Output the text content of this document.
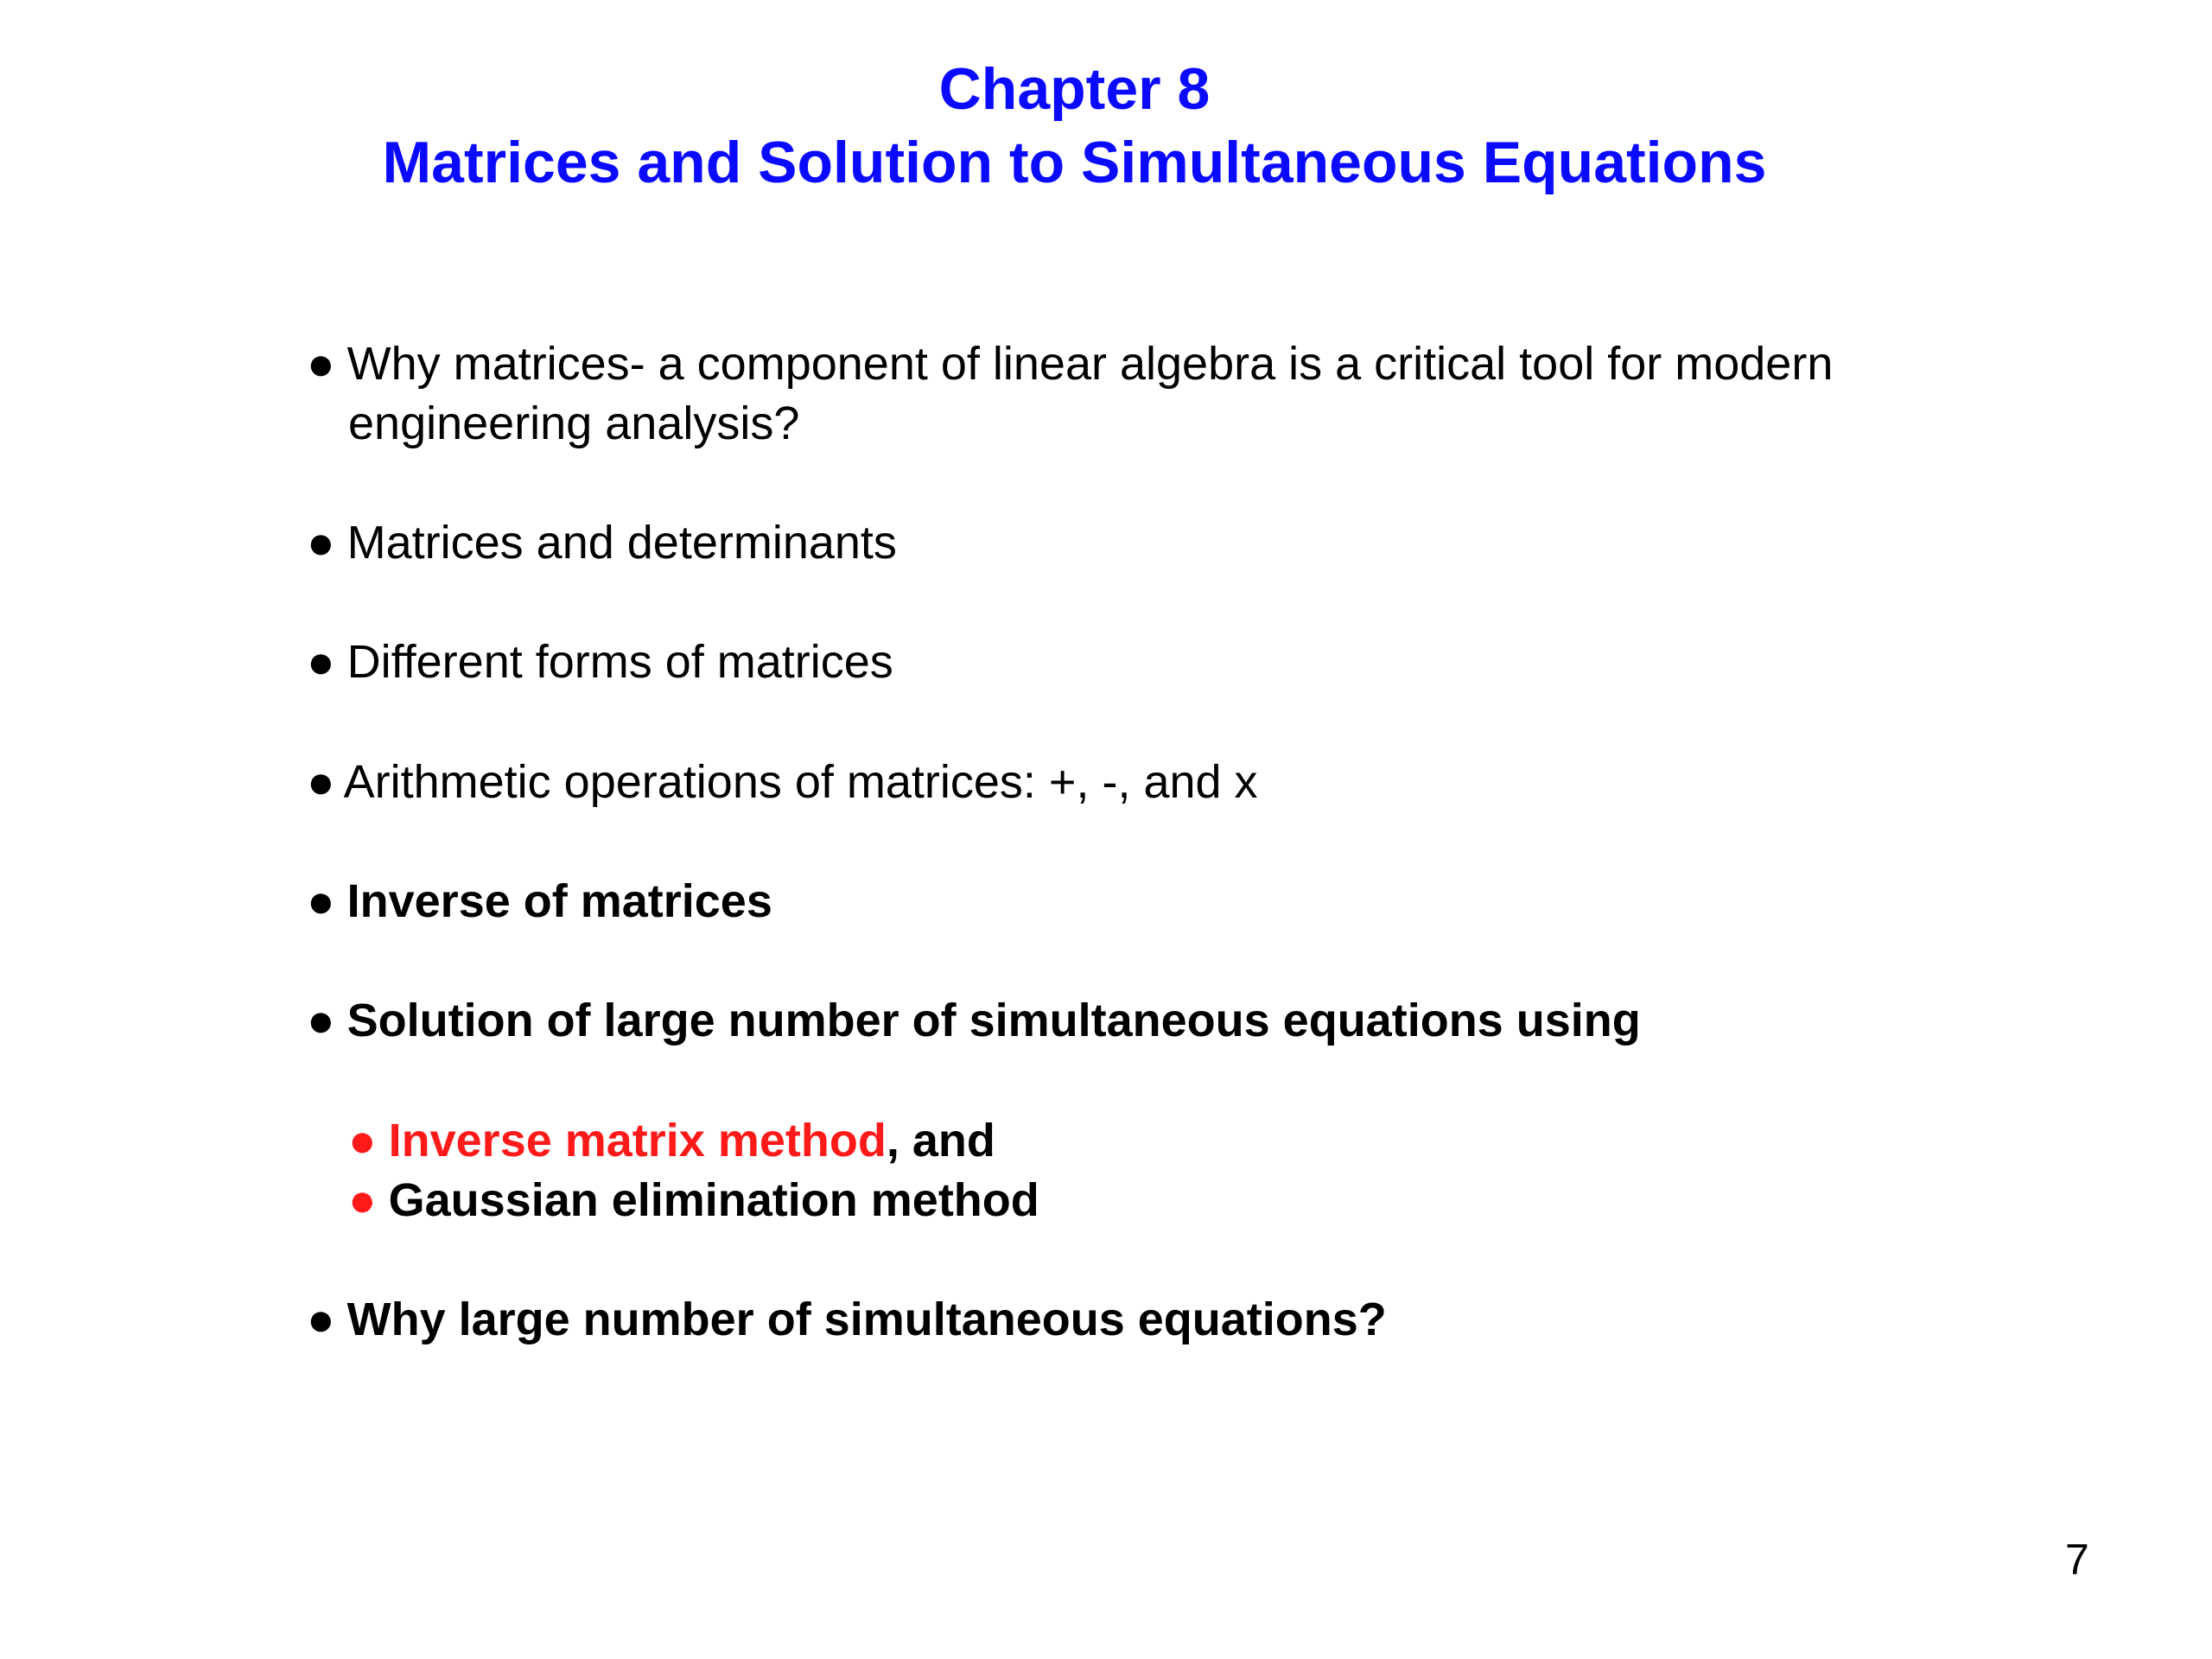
Chapter 8
Matrices and Solution to Simultaneous Equations
● Why matrices- a component of linear algebra is a critical tool for modern
engineering analysis?
● Matrices and determinants
● Different forms of matrices
● Arithmetic operations of matrices: +, -, and x
● Inverse of matrices
● Solution of large number of simultaneous equations using
● Inverse matrix method, and
● Gaussian elimination method
● Why large number of simultaneous equations?
7
